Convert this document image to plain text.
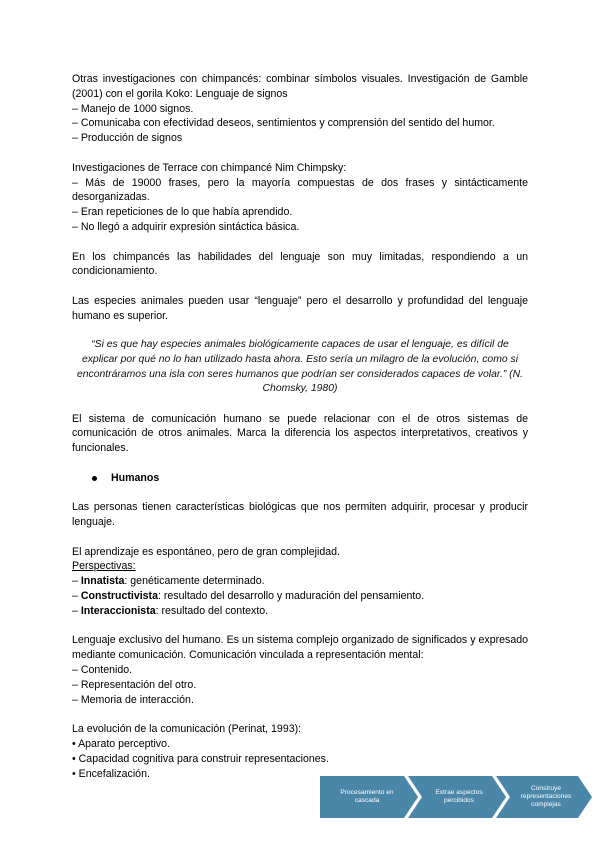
Otras investigaciones con chimpancés: combinar símbolos visuales. Investigación de Gamble (2001) con el gorila Koko: Lenguaje de signos

– Manejo de 1000 signos.

– Comunicaba con efectividad deseos, sentimientos y comprensión del sentido del humor.

– Producción de signos

Investigaciones de Terrace con chimpancé Nim Chimpsky:

– Más de 19000 frases, pero la mayoría compuestas de dos frases y sintácticamente desorganizadas.

– Eran repeticiones de lo que había aprendido.

– No llegó a adquirir expresión sintáctica básica.

En los chimpancés las habilidades del lenguaje son muy limitadas, respondiendo a un condicionamiento.

Las especies animales pueden usar “lenguaje” pero el desarrollo y profundidad del lenguaje humano es superior.

“Si es que hay especies animales biológicamente capaces de usar el lenguaje, es difícil de explicar por qué no lo han utilizado hasta ahora. Esto sería un milagro de la evolución, como si encontráramos una isla con seres humanos que podrían ser considerados capaces de volar.” (N. Chomsky, 1980)

El sistema de comunicación humano se puede relacionar con el de otros sistemas de comunicación de otros animales. Marca la diferencia los aspectos interpretativos, creativos y funcionales.

Humanos

Las personas tienen características biológicas que nos permiten adquirir, procesar y producir lenguaje.

El aprendizaje es espontáneo, pero de gran complejidad.

Perspectivas:

– Innatista: genéticamente determinado.

– Constructivista: resultado del desarrollo y maduración del pensamiento.

– Interaccionista: resultado del contexto.

Lenguaje exclusivo del humano. Es un sistema complejo organizado de significados y expresado mediante comunicación. Comunicación vinculada a representación mental:

– Contenido.

– Representación del otro.

– Memoria de interacción.

La evolución de la comunicación (Perinat, 1993):

• Aparato perceptivo.

• Capacidad cognitiva para construir representaciones.

• Encefalización.

Procesamiento en cascada
Extrae aspectos percibidos
Construye representaciones complejas
